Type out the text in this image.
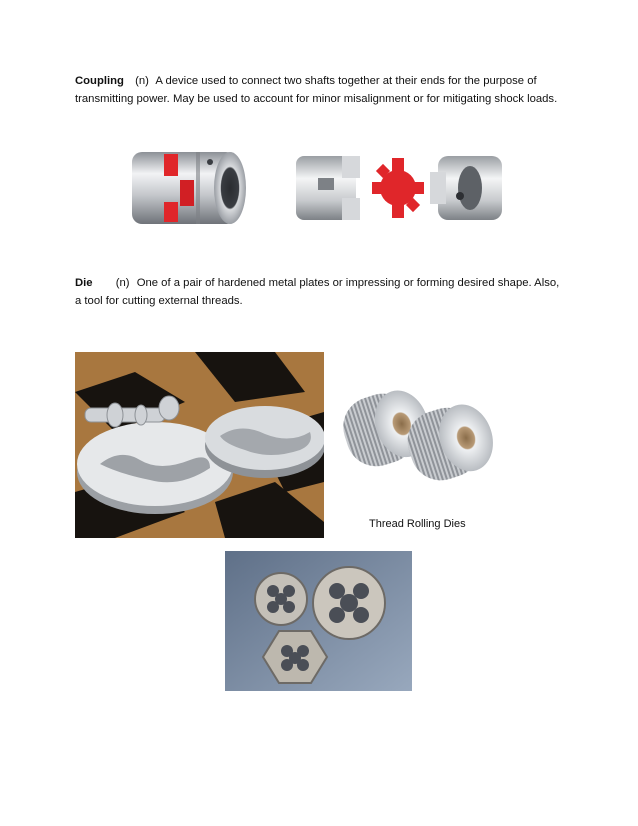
Coupling (n) A device used to connect two shafts together at their ends for the purpose of transmitting power. May be used to account for minor misalignment or for mitigating shock loads.
Die (n) One of a pair of hardened metal plates or impressing or forming desired shape. Also, a tool for cutting external threads.
Thread Rolling Dies
